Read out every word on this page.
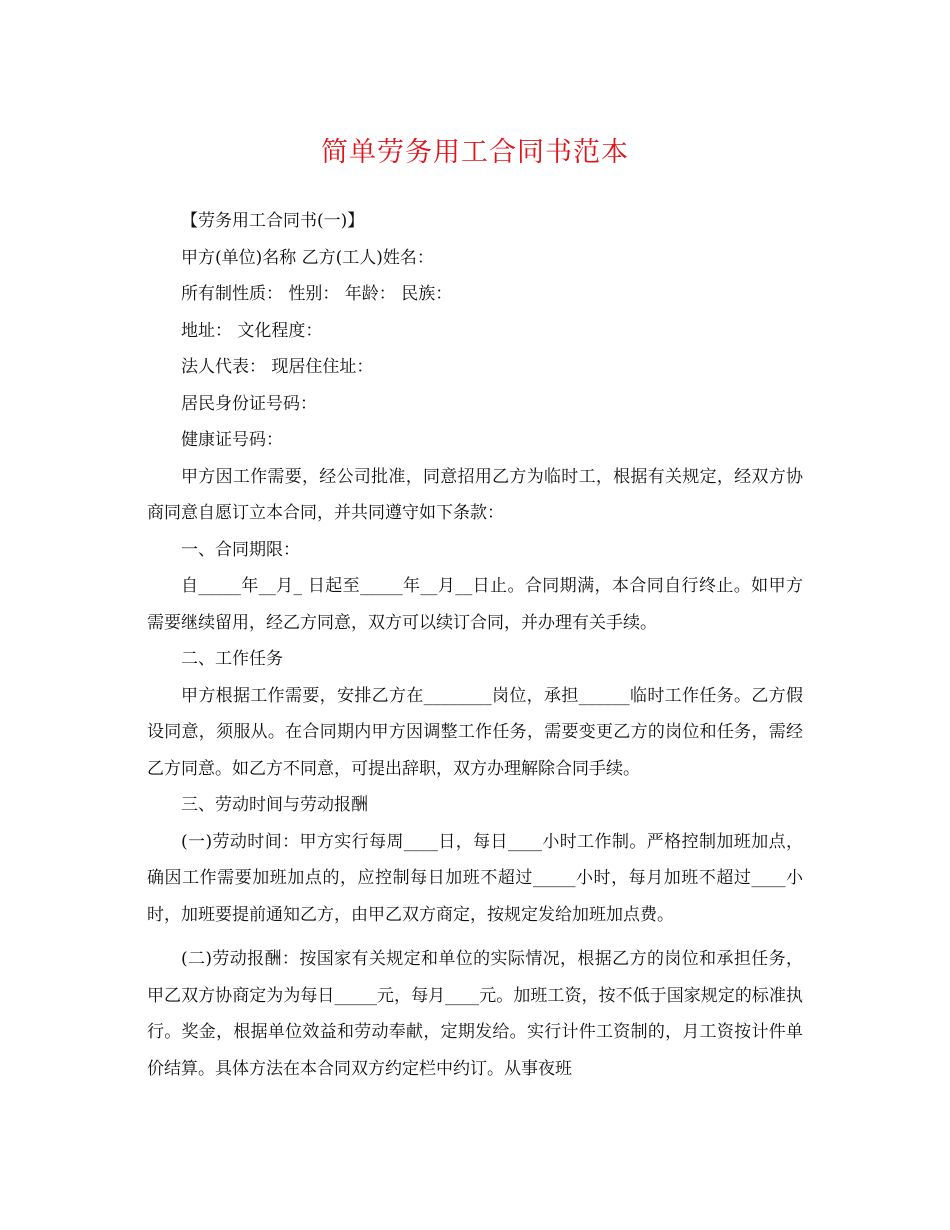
简单劳务用工合同书范本

【劳务用工合同书(一)】

甲方(单位)名称 乙方(工人)姓名：

所有制性质： 性别： 年龄： 民族：

地址： 文化程度：

法人代表： 现居住住址：

居民身份证号码：

健康证号码：

甲方因工作需要，经公司批准，同意招用乙方为临时工，根据有关规定，经双方协商同意自愿订立本合同，并共同遵守如下条款：

一、合同期限：

自_____年__月_ 日起至_____年__月__日止。合同期满，本合同自行终止。如甲方需要继续留用，经乙方同意，双方可以续订合同，并办理有关手续。

二、工作任务

甲方根据工作需要，安排乙方在________岗位，承担______临时工作任务。乙方假设同意，须服从。在合同期内甲方因调整工作任务，需要变更乙方的岗位和任务，需经乙方同意。如乙方不同意，可提出辞职，双方办理解除合同手续。

三、劳动时间与劳动报酬

(一)劳动时间：甲方实行每周____日，每日____小时工作制。严格控制加班加点，确因工作需要加班加点的，应控制每日加班不超过_____小时，每月加班不超过____小时，加班要提前通知乙方，由甲乙双方商定，按规定发给加班加点费。

(二)劳动报酬：按国家有关规定和单位的实际情况，根据乙方的岗位和承担任务，甲乙双方协商定为为每日_____元，每月____元。加班工资，按不低于国家规定的标准执行。奖金，根据单位效益和劳动奉献，定期发给。实行计件工资制的，月工资按计件单价结算。具体方法在本合同双方约定栏中约订。从事夜班
